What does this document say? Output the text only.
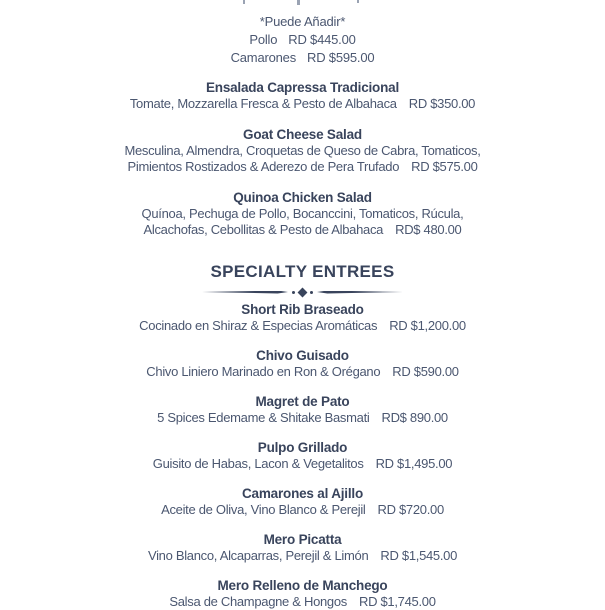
*Puede Añadir*
Pollo RD $445.00
Camarones RD $595.00
Ensalada Capressa Tradicional
Tomate, Mozzarella Fresca & Pesto de Albahaca RD $350.00
Goat Cheese Salad
Mesculina, Almendra, Croquetas de Queso de Cabra, Tomaticos,
Pimientos Rostizados & Aderezo de Pera Trufado RD $575.00
Quinoa Chicken Salad
Quínoa, Pechuga de Pollo, Bocanccini, Tomaticos, Rúcula,
Alcachofas, Cebollitas & Pesto de Albahaca RD$ 480.00
SPECIALTY ENTREES
Short Rib Braseado
Cocinado en Shiraz & Especias Aromáticas RD $1,200.00
Chivo Guisado
Chivo Liniero Marinado en Ron & Orégano RD $590.00
Magret de Pato
5 Spices Edemame & Shitake Basmati RD$ 890.00
Pulpo Grillado
Guisito de Habas, Lacon & Vegetalitos RD $1,495.00
Camarones al Ajillo
Aceite de Oliva, Vino Blanco & Perejil RD $720.00
Mero Picatta
Vino Blanco, Alcaparras, Perejil & Limón RD $1,545.00
Mero Relleno de Manchego
Salsa de Champagne & Hongos RD $1,745.00
